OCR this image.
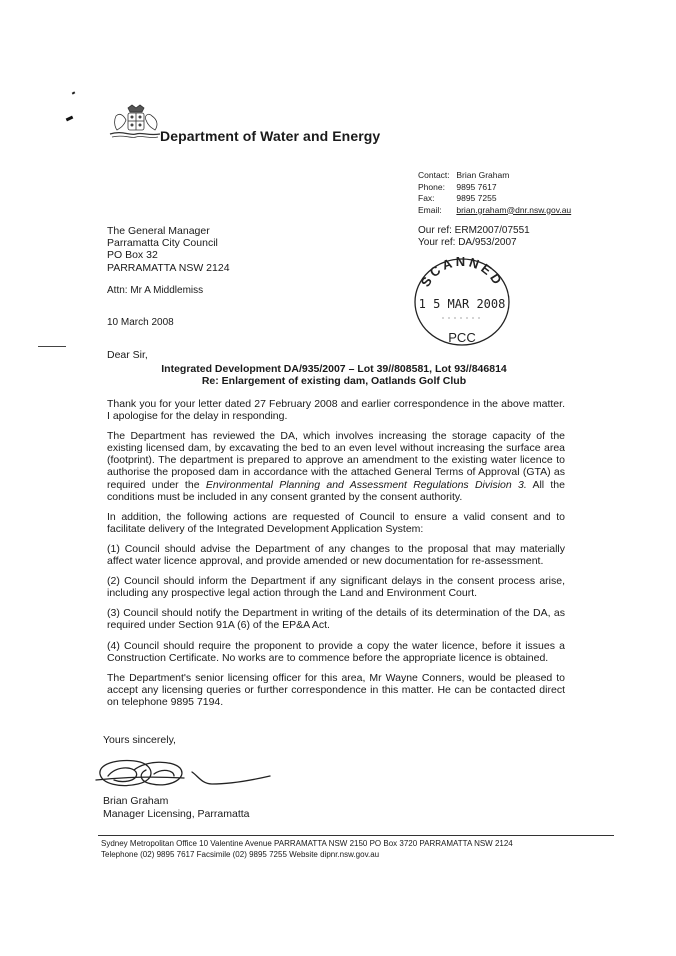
Department of Water and Energy
Contact: Brian Graham
Phone: 9895 7617
Fax:	9895 7255
Email: brian.graham@dnr.nsw.gov.au
Our ref: ERM2007/07551
Your ref: DA/953/2007
The General Manager
Parramatta City Council
PO Box 32
PARRAMATTA NSW 2124
Attn: Mr A Middlemiss
10 March 2008
SCANNED
1 5 MAR 2008
PCC
Dear Sir,
Integrated Development DA/935/2007 – Lot 39//808581, Lot 93//846814
Re: Enlargement of existing dam, Oatlands Golf Club

Thank you for your letter dated 27 February 2008 and earlier correspondence in the above matter. I apologise for the delay in responding.

The Department has reviewed the DA, which involves increasing the storage capacity of the existing licensed dam, by excavating the bed to an even level without increasing the surface area (footprint). The department is prepared to approve an amendment to the existing water licence to authorise the proposed dam in accordance with the attached General Terms of Approval (GTA) as required under the Environmental Planning and Assessment Regulations Division 3. All the conditions must be included in any consent granted by the consent authority.

In addition, the following actions are requested of Council to ensure a valid consent and to facilitate delivery of the Integrated Development Application System:

(1) Council should advise the Department of any changes to the proposal that may materially affect water licence approval, and provide amended or new documentation for re-assessment.

(2) Council should inform the Department if any significant delays in the consent process arise, including any prospective legal action through the Land and Environment Court.

(3) Council should notify the Department in writing of the details of its determination of the DA, as required under Section 91A (6) of the EP&A Act.

(4) Council should require the proponent to provide a copy the water licence, before it issues a Construction Certificate. No works are to commence before the appropriate licence is obtained.

The Department's senior licensing officer for this area, Mr Wayne Conners, would be pleased to accept any licensing queries or further correspondence in this matter. He can be contacted direct on telephone 9895 7194.

Yours sincerely,
Brian Graham
Manager Licensing, Parramatta
Sydney Metropolitan Office 10 Valentine Avenue PARRAMATTA NSW 2150 PO Box 3720 PARRAMATTA NSW 2124
Telephone (02) 9895 7617 Facsimile (02) 9895 7255 Website dipnr.nsw.gov.au
